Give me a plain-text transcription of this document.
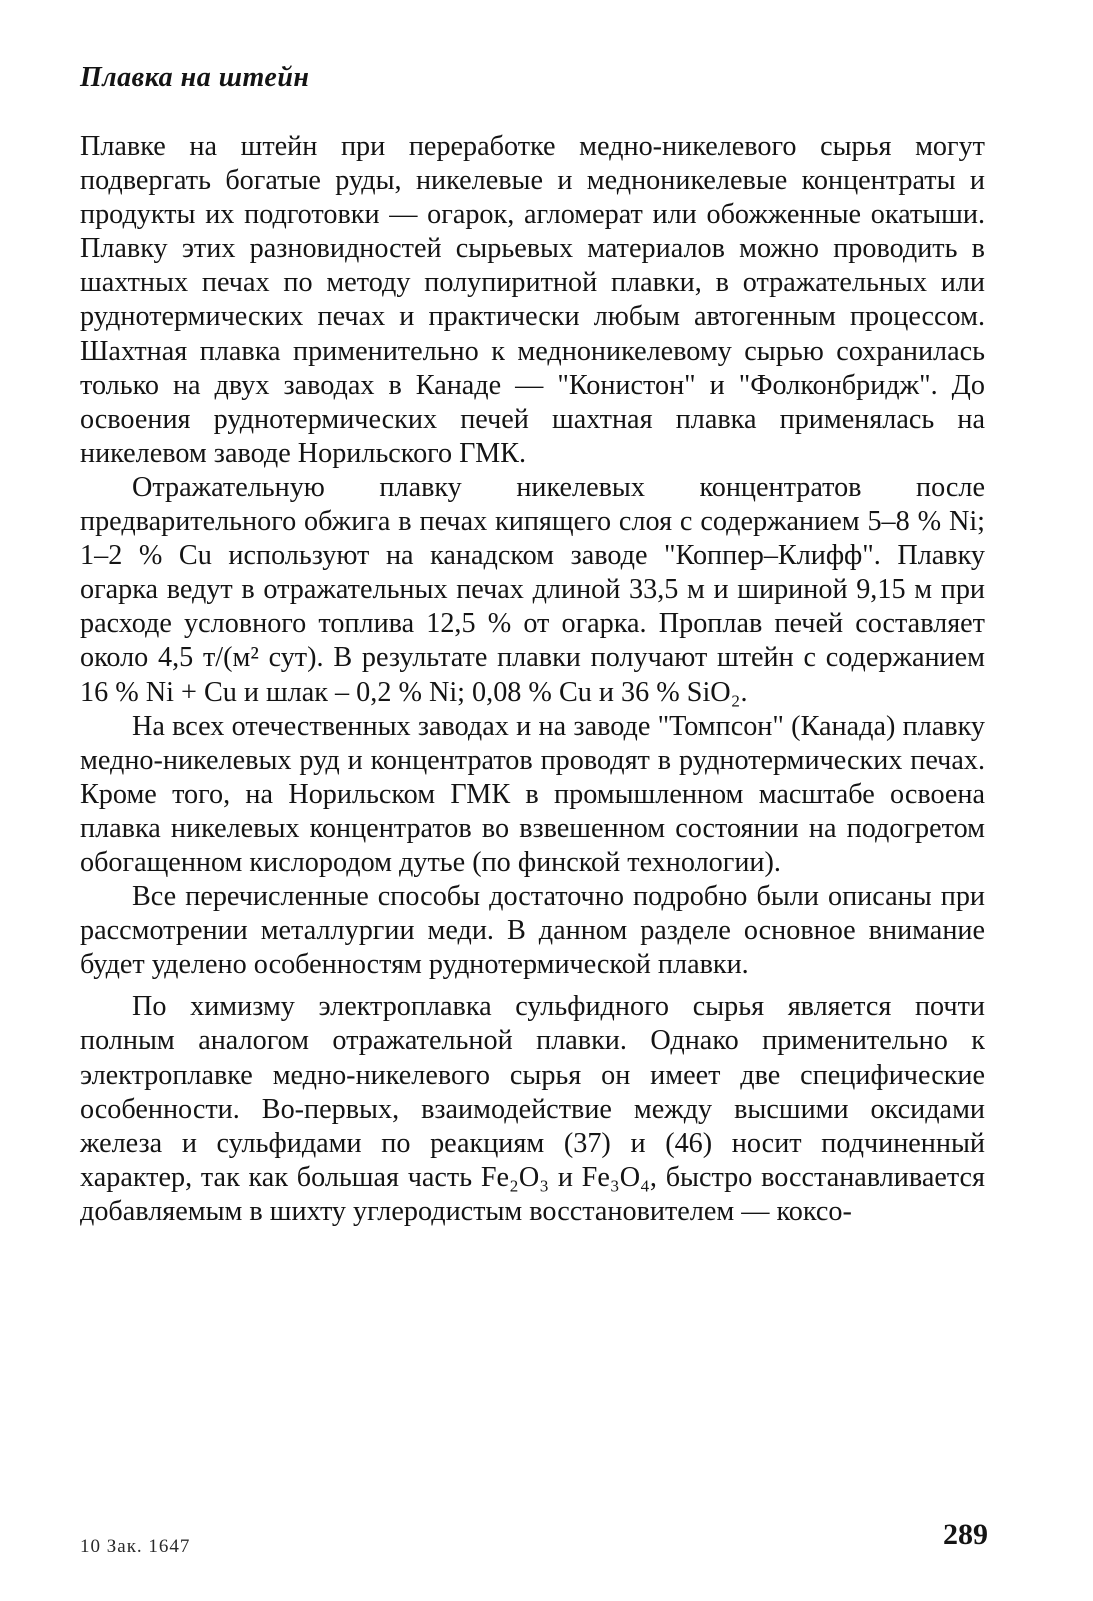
Плавка на штейн

Плавке на штейн при переработке медно-никелевого сырья могут подвергать богатые руды, никелевые и медноникелевые концентраты и продукты их подготовки — огарок, агломерат или обожженные окатыши. Плавку этих разновидностей сырьевых материалов можно проводить в шахтных печах по методу полупиритной плавки, в отражательных или руднотермических печах и практически любым автогенным процессом. Шахтная плавка применительно к медноникелевому сырью сохранилась только на двух заводах в Канаде — "Конистон" и "Фолконбридж". До освоения руднотермических печей шахтная плавка применялась на никелевом заводе Норильского ГМК.

Отражательную плавку никелевых концентратов после предварительного обжига в печах кипящего слоя с содержанием 5–8 % Ni; 1–2 % Cu используют на канадском заводе "Коппер–Клифф". Плавку огарка ведут в отражательных печах длиной 33,5 м и шириной 9,15 м при расходе условного топлива 12,5 % от огарка. Проплав печей составляет около 4,5 т/(м² сут). В результате плавки получают штейн с содержанием 16 % Ni + Cu и шлак – 0,2 % Ni; 0,08 % Cu и 36 % SiO₂.

На всех отечественных заводах и на заводе "Томпсон" (Канада) плавку медно-никелевых руд и концентратов проводят в руднотермических печах. Кроме того, на Норильском ГМК в промышленном масштабе освоена плавка никелевых концентратов во взвешенном состоянии на подогретом обогащенном кислородом дутье (по финской технологии).

Все перечисленные способы достаточно подробно были описаны при рассмотрении металлургии меди. В данном разделе основное внимание будет уделено особенностям руднотермической плавки.

По химизму электроплавка сульфидного сырья является почти полным аналогом отражательной плавки. Однако применительно к электроплавке медно-никелевого сырья он имеет две специфические особенности. Во-первых, взаимодействие между высшими оксидами железа и сульфидами по реакциям (37) и (46) носит подчиненный характер, так как большая часть Fe₂O₃ и Fe₃O₄, быстро восстанавливается добавляемым в шихту углеродистым восстановителем — коксо-

10 Зак. 1647	289
